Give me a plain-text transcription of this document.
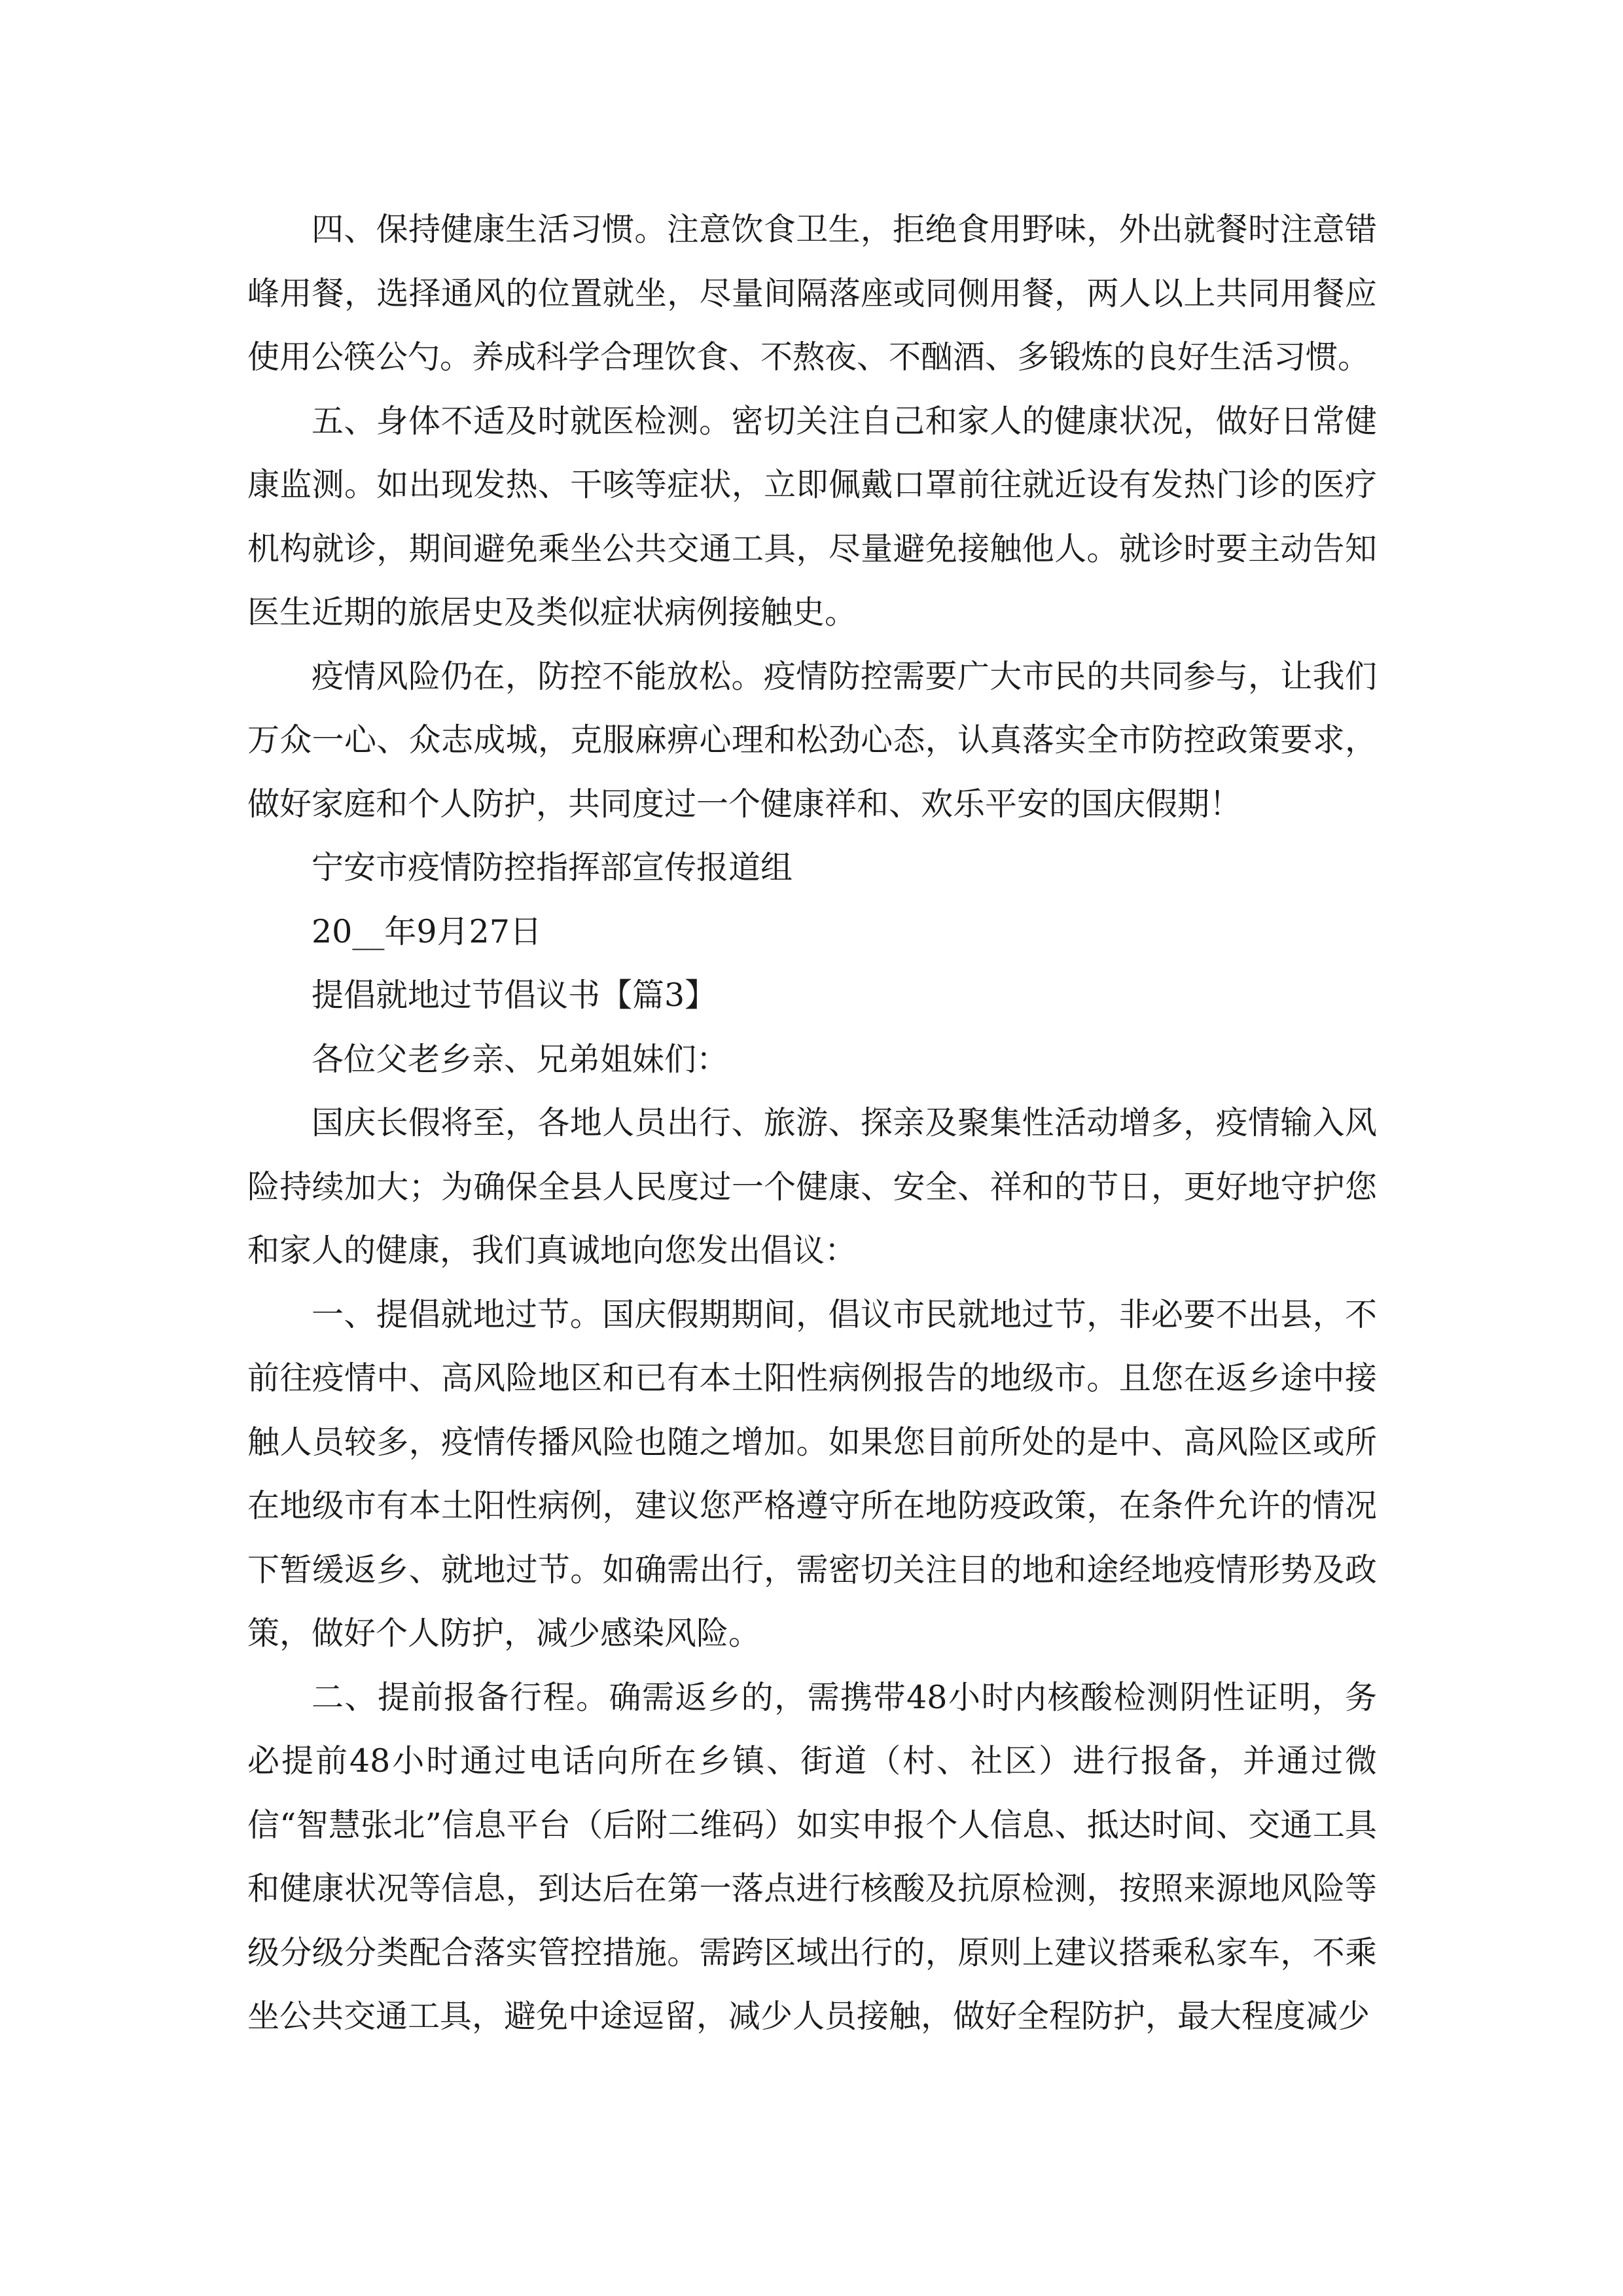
四、保持健康生活习惯。注意饮食卫生，拒绝食用野味，外出就餐时注意错峰用餐，选择通风的位置就坐，尽量间隔落座或同侧用餐，两人以上共同用餐应使用公筷公勺。养成科学合理饮食、不熬夜、不酗酒、多锻炼的良好生活习惯。

五、身体不适及时就医检测。密切关注自己和家人的健康状况，做好日常健康监测。如出现发热、干咳等症状，立即佩戴口罩前往就近设有发热门诊的医疗机构就诊，期间避免乘坐公共交通工具，尽量避免接触他人。就诊时要主动告知医生近期的旅居史及类似症状病例接触史。

疫情风险仍在，防控不能放松。疫情防控需要广大市民的共同参与，让我们万众一心、众志成城，克服麻痹心理和松劲心态，认真落实全市防控政策要求，做好家庭和个人防护，共同度过一个健康祥和、欢乐平安的国庆假期！

宁安市疫情防控指挥部宣传报道组

20__年9月27日

提倡就地过节倡议书【篇3】

各位父老乡亲、兄弟姐妹们：

国庆长假将至，各地人员出行、旅游、探亲及聚集性活动增多，疫情输入风险持续加大；为确保全县人民度过一个健康、安全、祥和的节日，更好地守护您和家人的健康，我们真诚地向您发出倡议：

一、提倡就地过节。国庆假期期间，倡议市民就地过节，非必要不出县，不前往疫情中、高风险地区和已有本土阳性病例报告的地级市。且您在返乡途中接触人员较多，疫情传播风险也随之增加。如果您目前所处的是中、高风险区或所在地级市有本土阳性病例，建议您严格遵守所在地防疫政策，在条件允许的情况下暂缓返乡、就地过节。如确需出行，需密切关注目的地和途经地疫情形势及政策，做好个人防护，减少感染风险。

二、提前报备行程。确需返乡的，需携带48小时内核酸检测阴性证明，务必提前48小时通过电话向所在乡镇、街道（村、社区）进行报备，并通过微信“智慧张北”信息平台（后附二维码）如实申报个人信息、抵达时间、交通工具和健康状况等信息，到达后在第一落点进行核酸及抗原检测，按照来源地风险等级分级分类配合落实管控措施。需跨区域出行的，原则上建议搭乘私家车，不乘坐公共交通工具，避免中途逗留，减少人员接触，做好全程防护，最大程度减少
